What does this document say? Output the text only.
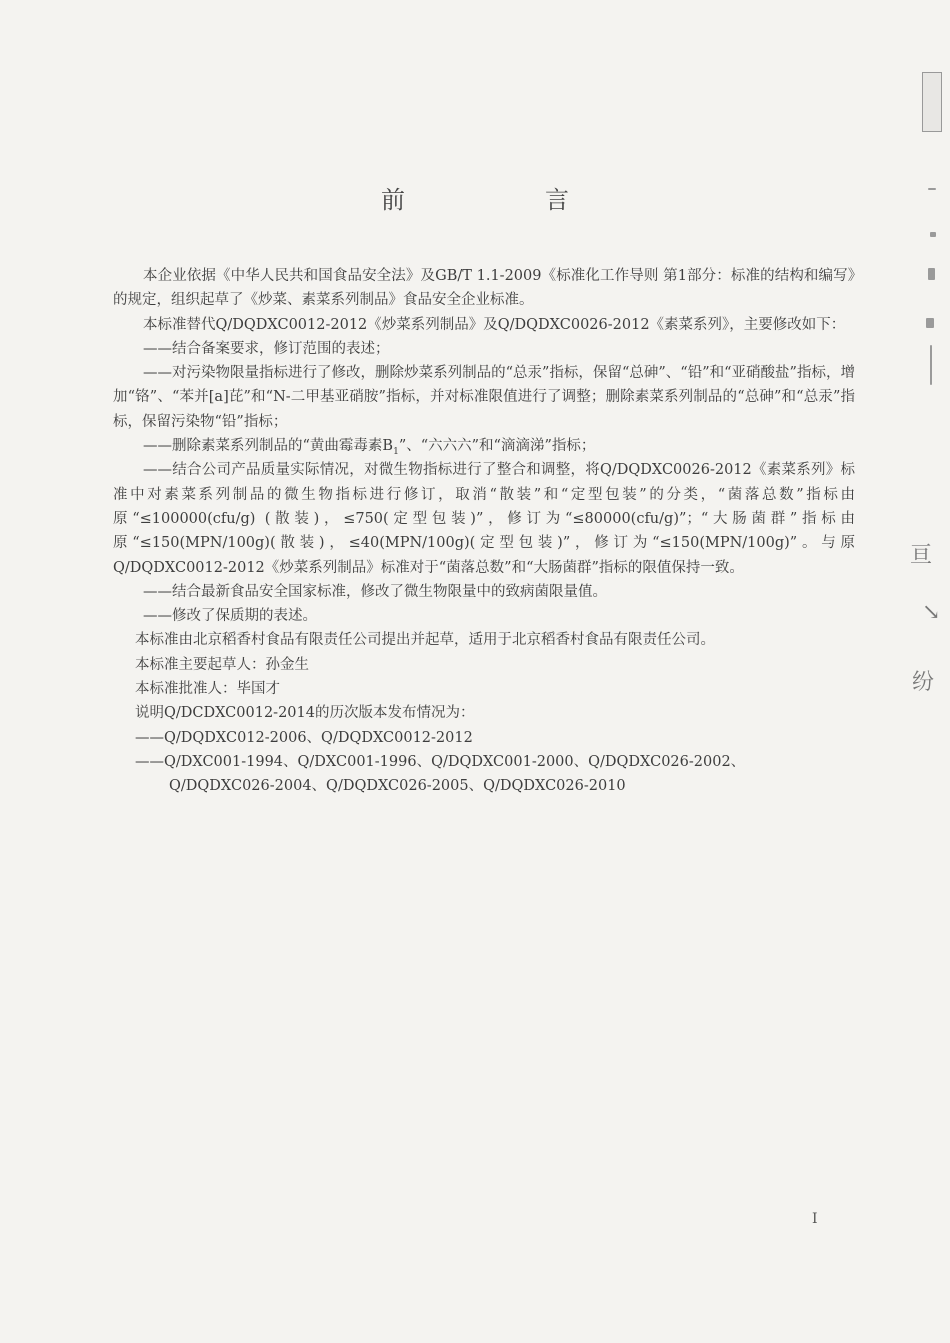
亘
↘
纷
前　言

本企业依据《中华人民共和国食品安全法》及GB/T 1.1-2009《标准化工作导则 第1部分：标准的结构和编写》的规定，组织起草了《炒菜、素菜系列制品》食品安全企业标准。

本标准替代Q/DQDXC0012-2012《炒菜系列制品》及Q/DQDXC0026-2012《素菜系列》，主要修改如下：

——结合备案要求，修订范围的表述；

——对污染物限量指标进行了修改，删除炒菜系列制品的“总汞”指标，保留“总砷”、“铅”和“亚硝酸盐”指标，增加“铬”、“苯并[a]芘”和“N-二甲基亚硝胺”指标，并对标准限值进行了调整；删除素菜系列制品的“总砷”和“总汞”指标，保留污染物“铅”指标；

——删除素菜系列制品的“黄曲霉毒素$B_1$”、“六六六”和“滴滴涕”指标；

——结合公司产品质量实际情况，对微生物指标进行了整合和调整，将Q/DQDXC0026-2012《素菜系列》标准中对素菜系列制品的微生物指标进行修订，取消“散装”和“定型包装”的分类，“菌落总数”指标由原“≤100000(cfu/g) (散装)，≤750(定型包装)”，修订为“≤80000(cfu/g)”；“大肠菌群”指标由原“≤150(MPN/100g)(散装)，≤40(MPN/100g)(定型包装)”，修订为“≤150(MPN/100g)”。与原Q/DQDXC0012-2012《炒菜系列制品》标准对于“菌落总数”和“大肠菌群”指标的限值保持一致。

——结合最新食品安全国家标准，修改了微生物限量中的致病菌限量值。

——修改了保质期的表述。

本标准由北京稻香村食品有限责任公司提出并起草，适用于北京稻香村食品有限责任公司。

本标准主要起草人：孙金生

本标准批准人：毕国才

说明Q/DCDXC0012-2014的历次版本发布情况为：

——Q/DQDXC012-2006、Q/DQDXC0012-2012

——Q/DXC001-1994、Q/DXC001-1996、Q/DQDXC001-2000、Q/DQDXC026-2002、

Q/DQDXC026-2004、Q/DQDXC026-2005、Q/DQDXC026-2010

I
